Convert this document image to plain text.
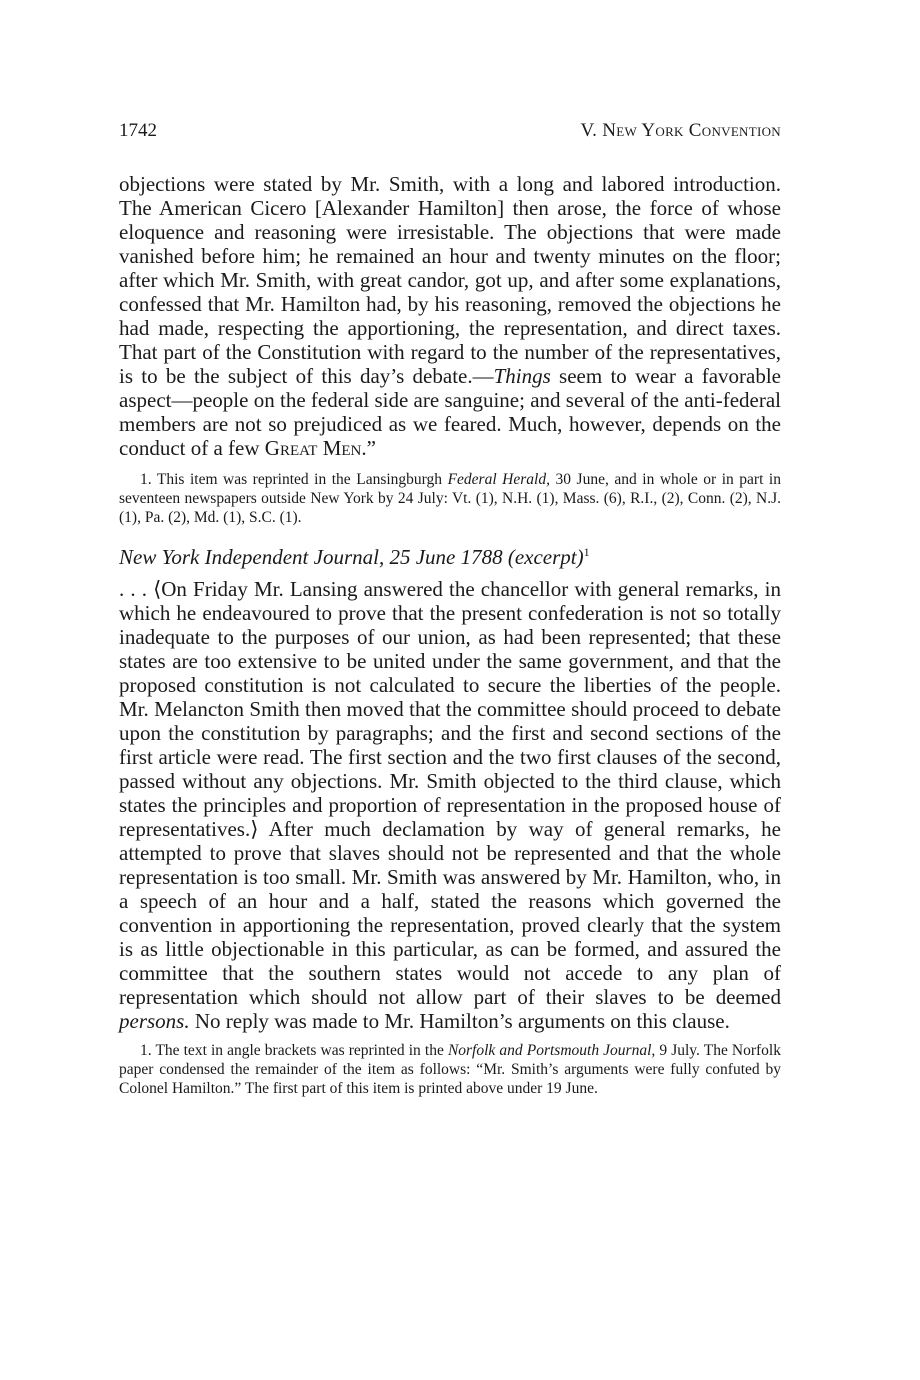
1742	V. New York Convention

objections were stated by Mr. Smith, with a long and labored introduction. The American Cicero [Alexander Hamilton] then arose, the force of whose eloquence and reasoning were irresistable. The objections that were made vanished before him; he remained an hour and twenty minutes on the floor; after which Mr. Smith, with great candor, got up, and after some explanations, confessed that Mr. Hamilton had, by his reasoning, removed the objections he had made, respecting the apportioning, the representation, and direct taxes. That part of the Constitution with regard to the number of the representatives, is to be the subject of this day’s debate.—Things seem to wear a favorable aspect—people on the federal side are sanguine; and several of the anti-federal members are not so prejudiced as we feared. Much, however, depends on the conduct of a few Great Men.”

1. This item was reprinted in the Lansingburgh Federal Herald, 30 June, and in whole or in part in seventeen newspapers outside New York by 24 July: Vt. (1), N.H. (1), Mass. (6), R.I., (2), Conn. (2), N.J. (1), Pa. (2), Md. (1), S.C. (1).

New York Independent Journal, 25 June 1788 (excerpt)$^1$

. . . ⟨On Friday Mr. Lansing answered the chancellor with general remarks, in which he endeavoured to prove that the present confederation is not so totally inadequate to the purposes of our union, as had been represented; that these states are too extensive to be united under the same government, and that the proposed constitution is not calculated to secure the liberties of the people. Mr. Melancton Smith then moved that the committee should proceed to debate upon the constitution by paragraphs; and the first and second sections of the first article were read. The first section and the two first clauses of the second, passed without any objections. Mr. Smith objected to the third clause, which states the principles and proportion of representation in the proposed house of representatives.⟩ After much declamation by way of general remarks, he attempted to prove that slaves should not be represented and that the whole representation is too small. Mr. Smith was answered by Mr. Hamilton, who, in a speech of an hour and a half, stated the reasons which governed the convention in apportioning the representation, proved clearly that the system is as little objectionable in this particular, as can be formed, and assured the committee that the southern states would not accede to any plan of representation which should not allow part of their slaves to be deemed persons. No reply was made to Mr. Hamilton’s arguments on this clause.

1. The text in angle brackets was reprinted in the Norfolk and Portsmouth Journal, 9 July. The Norfolk paper condensed the remainder of the item as follows: “Mr. Smith’s arguments were fully confuted by Colonel Hamilton.” The first part of this item is printed above under 19 June.
